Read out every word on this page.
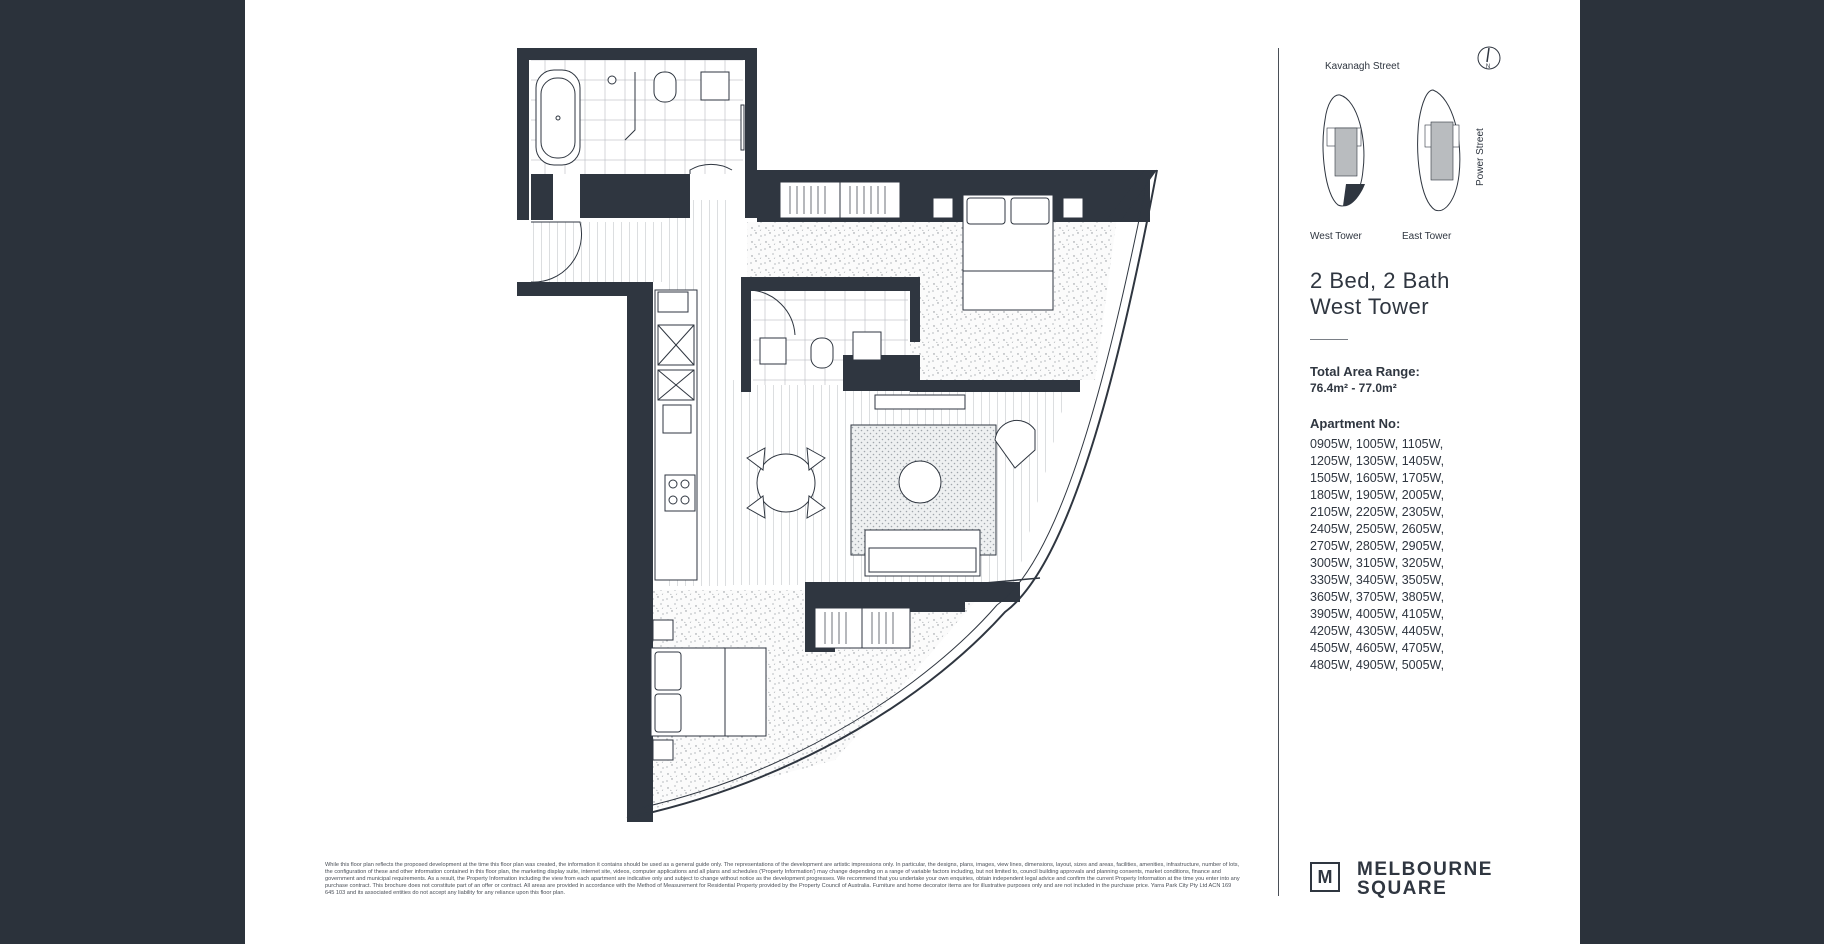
N
Kavanagh Street
Power Street
West Tower	East Tower
2 Bed, 2 Bath
West Tower
Total Area Range:
76.4m² - 77.0m²
Apartment No:
0905W, 1005W, 1105W, 1205W, 1305W, 1405W, 1505W, 1605W, 1705W, 1805W, 1905W, 2005W, 2105W, 2205W, 2305W, 2405W, 2505W, 2605W, 2705W, 2805W, 2905W, 3005W, 3105W, 3205W, 3305W, 3405W, 3505W, 3605W, 3705W, 3805W, 3905W, 4005W, 4105W, 4205W, 4305W, 4405W, 4505W, 4605W, 4705W, 4805W, 4905W, 5005W,
While this floor plan reflects the proposed development at the time this floor plan was created, the information it contains should be used as a general guide only. The representations of the development are artistic impressions only. In particular, the designs, plans, images, view lines, dimensions, layout, sizes and areas, facilities, amenities, infrastructure, number of lots, the configuration of these and other information contained in this floor plan, the marketing display suite, internet site, videos, computer applications and all plans and schedules ('Property Information') may change depending on a range of variable factors including, but not limited to, council building approvals and planning consents, market conditions, finance and government and municipal requirements. As a result, the Property Information including the view from each apartment are indicative only and subject to change without notice as the development progresses. We recommend that you undertake your own enquiries, obtain independent legal advice and confirm the current Property Information at the time you enter into any purchase contract. This brochure does not constitute part of an offer or contract. All areas are provided in accordance with the Method of Measurement for Residential Property provided by the Property Council of Australia. Furniture and home decorator items are for illustrative purposes only and are not included in the purchase price. Yarra Park City Pty Ltd ACN 169 645 103 and its associated entities do not accept any liability for any reliance upon this floor plan.
M	MELBOURNE
SQUARE
